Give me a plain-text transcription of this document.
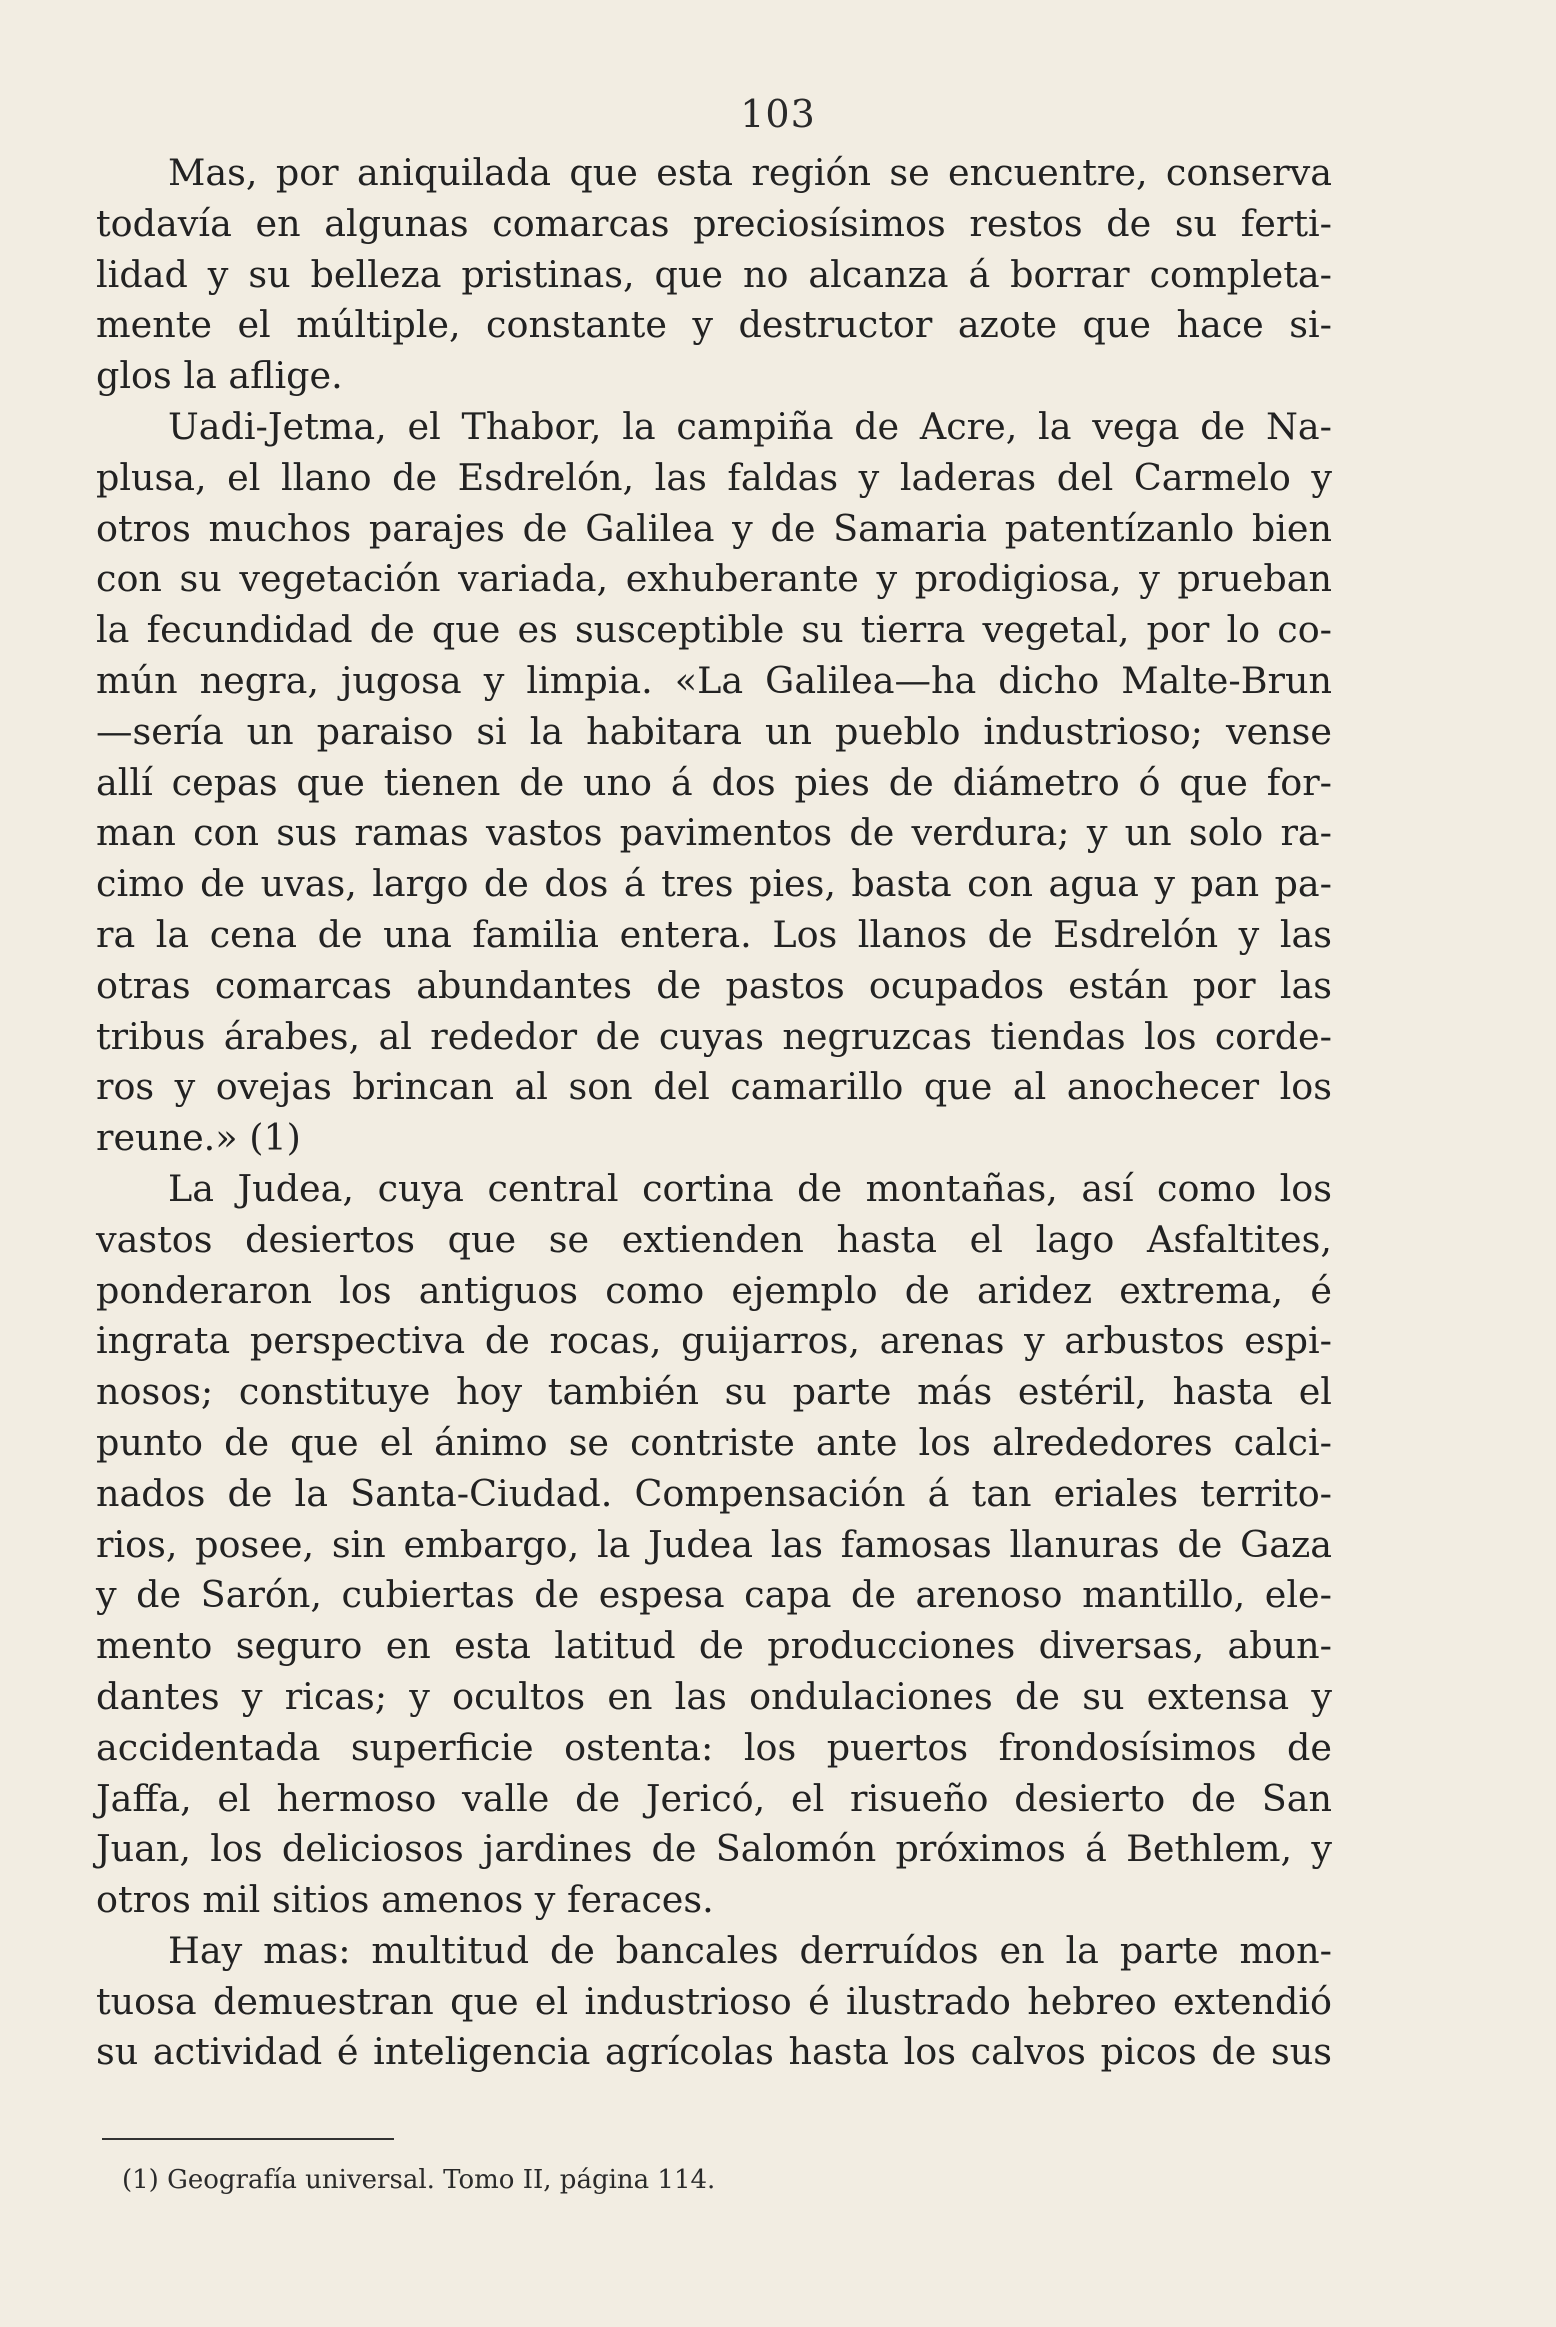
103
Mas, por aniquilada que esta región se encuentre, conserva
todavía en algunas comarcas preciosísimos restos de su ferti-
lidad y su belleza pristinas, que no alcanza á borrar completa-
mente el múltiple, constante y destructor azote que hace si-
glos la aflige.
Uadi-Jetma, el Thabor, la campiña de Acre, la vega de Na-
plusa, el llano de Esdrelón, las faldas y laderas del Carmelo y
otros muchos parajes de Galilea y de Samaria patentízanlo bien
con su vegetación variada, exhuberante y prodigiosa, y prueban
la fecundidad de que es susceptible su tierra vegetal, por lo co-
mún negra, jugosa y limpia. «La Galilea—ha dicho Malte-Brun
—sería un paraiso si la habitara un pueblo industrioso; vense
allí cepas que tienen de uno á dos pies de diámetro ó que for-
man con sus ramas vastos pavimentos de verdura; y un solo ra-
cimo de uvas, largo de dos á tres pies, basta con agua y pan pa-
ra la cena de una familia entera. Los llanos de Esdrelón y las
otras comarcas abundantes de pastos ocupados están por las
tribus árabes, al rededor de cuyas negruzcas tiendas los corde-
ros y ovejas brincan al son del camarillo que al anochecer los
reune.» (1)
La Judea, cuya central cortina de montañas, así como los
vastos desiertos que se extienden hasta el lago Asfaltites,
ponderaron los antiguos como ejemplo de aridez extrema, é
ingrata perspectiva de rocas, guijarros, arenas y arbustos espi-
nosos; constituye hoy también su parte más estéril, hasta el
punto de que el ánimo se contriste ante los alrededores calci-
nados de la Santa-Ciudad. Compensación á tan eriales territo-
rios, posee, sin embargo, la Judea las famosas llanuras de Gaza
y de Sarón, cubiertas de espesa capa de arenoso mantillo, ele-
mento seguro en esta latitud de producciones diversas, abun-
dantes y ricas; y ocultos en las ondulaciones de su extensa y
accidentada superficie ostenta: los puertos frondosísimos de
Jaffa, el hermoso valle de Jericó, el risueño desierto de San
Juan, los deliciosos jardines de Salomón próximos á Bethlem, y
otros mil sitios amenos y feraces.
Hay mas: multitud de bancales derruídos en la parte mon-
tuosa demuestran que el industrioso é ilustrado hebreo extendió
su actividad é inteligencia agrícolas hasta los calvos picos de sus
(1) Geografía universal. Tomo II, página 114.
